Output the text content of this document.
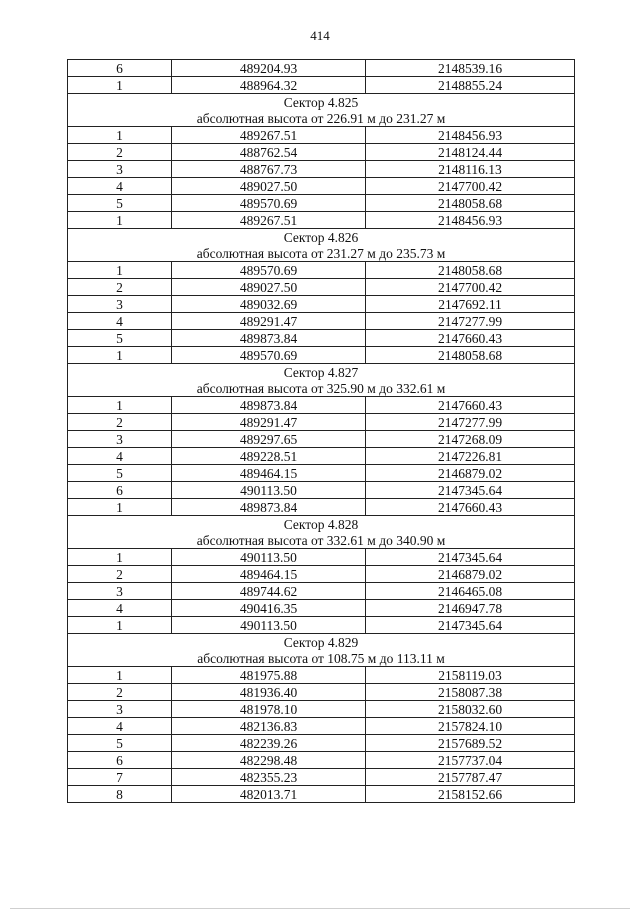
414
6	489204.93	2148539.16
1	488964.32	2148855.24
Сектор 4.825		
абсолютная высота от 226.91 м до 231.27 м		
1	489267.51	2148456.93
2	488762.54	2148124.44
3	488767.73	2148116.13
4	489027.50	2147700.42
5	489570.69	2148058.68
1	489267.51	2148456.93
Сектор 4.826		
абсолютная высота от 231.27 м до 235.73 м		
1	489570.69	2148058.68
2	489027.50	2147700.42
3	489032.69	2147692.11
4	489291.47	2147277.99
5	489873.84	2147660.43
1	489570.69	2148058.68
Сектор 4.827		
абсолютная высота от 325.90 м до 332.61 м		
1	489873.84	2147660.43
2	489291.47	2147277.99
3	489297.65	2147268.09
4	489228.51	2147226.81
5	489464.15	2146879.02
6	490113.50	2147345.64
1	489873.84	2147660.43
Сектор 4.828		
абсолютная высота от 332.61 м до 340.90 м		
1	490113.50	2147345.64
2	489464.15	2146879.02
3	489744.62	2146465.08
4	490416.35	2146947.78
1	490113.50	2147345.64
Сектор 4.829		
абсолютная высота от 108.75 м до 113.11 м		
1	481975.88	2158119.03
2	481936.40	2158087.38
3	481978.10	2158032.60
4	482136.83	2157824.10
5	482239.26	2157689.52
6	482298.48	2157737.04
7	482355.23	2157787.47
8	482013.71	2158152.66
